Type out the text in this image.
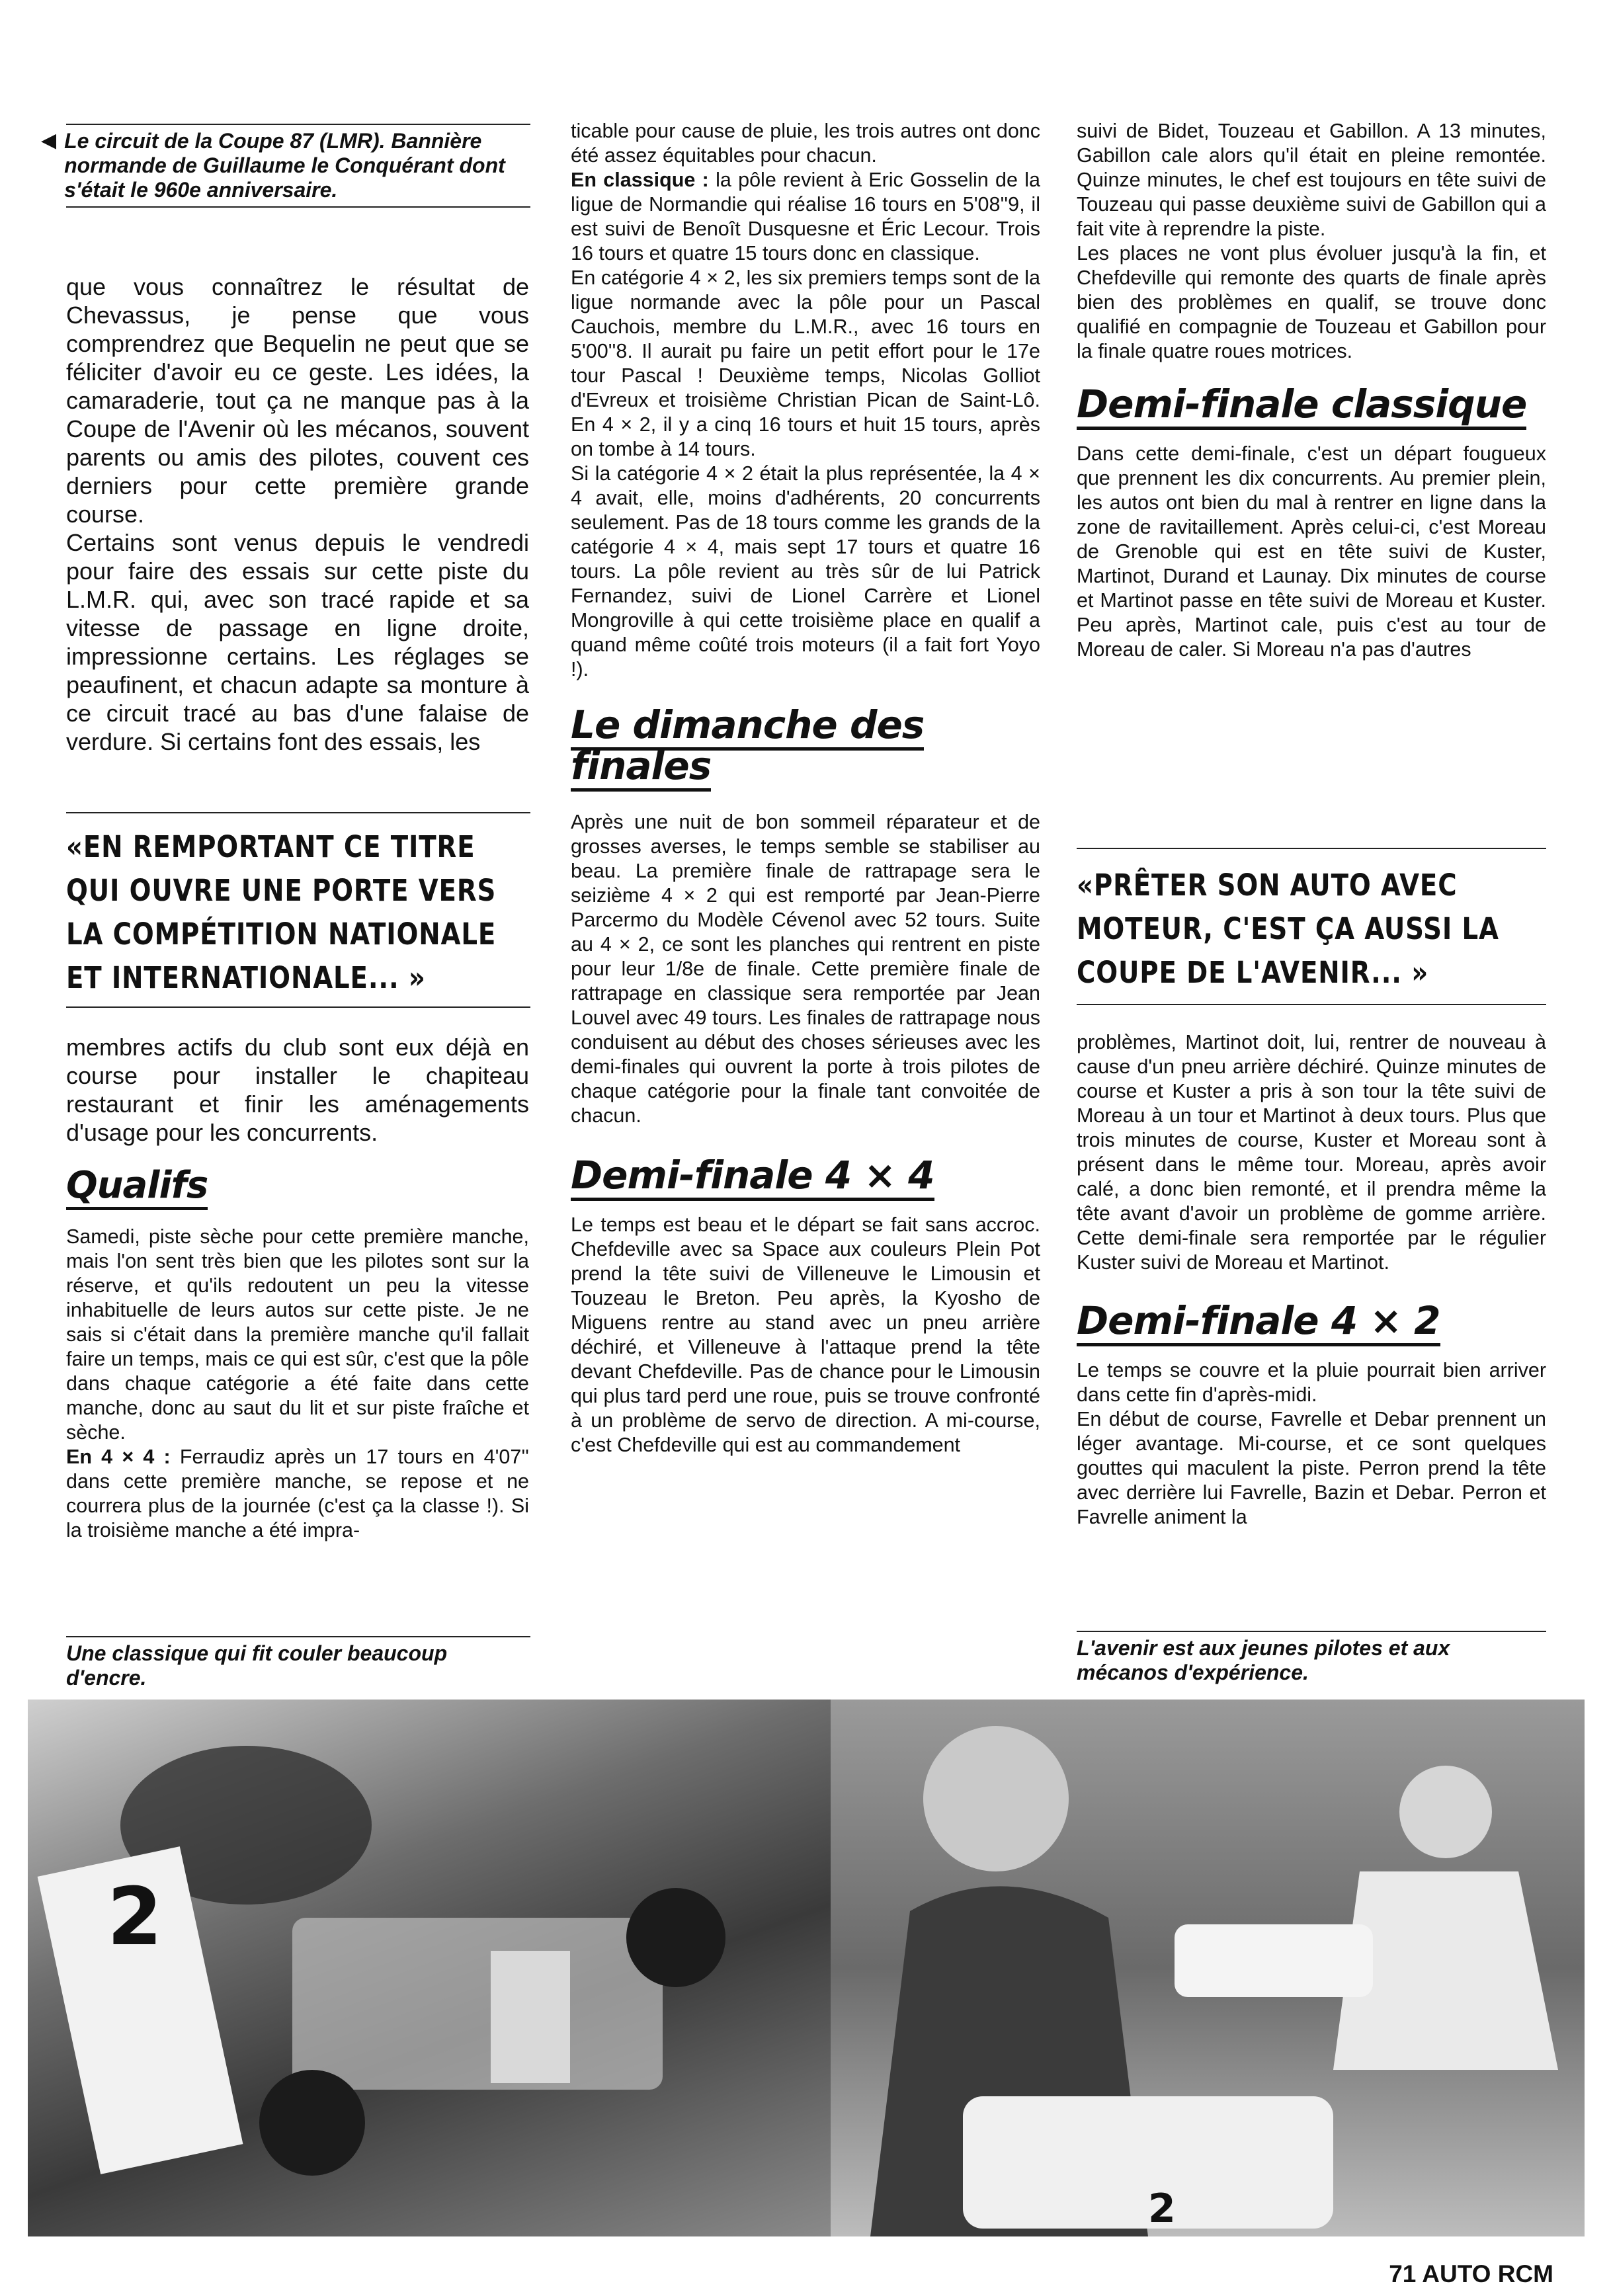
◀ Le circuit de la Coupe 87 (LMR). Bannière normande de Guillaume le Conquérant dont s'était le 960e anniversaire.

que vous connaîtrez le résultat de Chevassus, je pense que vous comprendrez que Bequelin ne peut que se féliciter d'avoir eu ce geste. Les idées, la camaraderie, tout ça ne manque pas à la Coupe de l'Avenir où les mécanos, souvent parents ou amis des pilotes, couvent ces derniers pour cette première grande course.

Certains sont venus depuis le vendredi pour faire des essais sur cette piste du L.M.R. qui, avec son tracé rapide et sa vitesse de passage en ligne droite, impressionne certains. Les réglages se peaufinent, et chacun adapte sa monture à ce circuit tracé au bas d'une falaise de verdure. Si certains font des essais, les

«EN REMPORTANT CE TITRE QUI OUVRE UNE PORTE VERS LA COMPÉTITION NATIONALE ET INTERNATIONALE... »

membres actifs du club sont eux déjà en course pour installer le chapiteau restaurant et finir les aménagements d'usage pour les concurrents.

Qualifs

Samedi, piste sèche pour cette première manche, mais l'on sent très bien que les pilotes sont sur la réserve, et qu'ils redoutent un peu la vitesse inhabituelle de leurs autos sur cette piste. Je ne sais si c'était dans la première manche qu'il fallait faire un temps, mais ce qui est sûr, c'est que la pôle dans chaque catégorie a été faite dans cette manche, donc au saut du lit et sur piste fraîche et sèche.

En 4 × 4 : Ferraudiz après un 17 tours en 4'07'' dans cette première manche, se repose et ne courrera plus de la journée (c'est ça la classe !). Si la troisième manche a été impra-

Une classique qui fit couler beaucoup d'encre.

ticable pour cause de pluie, les trois autres ont donc été assez équitables pour chacun.

En classique : la pôle revient à Eric Gosselin de la ligue de Normandie qui réalise 16 tours en 5'08''9, il est suivi de Benoît Dusquesne et Éric Lecour. Trois 16 tours et quatre 15 tours donc en classique.

En catégorie 4 × 2, les six premiers temps sont de la ligue normande avec la pôle pour un Pascal Cauchois, membre du L.M.R., avec 16 tours en 5'00''8. Il aurait pu faire un petit effort pour le 17e tour Pascal ! Deuxième temps, Nicolas Golliot d'Evreux et troisième Christian Pican de Saint-Lô. En 4 × 2, il y a cinq 16 tours et huit 15 tours, après on tombe à 14 tours.

Si la catégorie 4 × 2 était la plus représentée, la 4 × 4 avait, elle, moins d'adhérents, 20 concurrents seulement. Pas de 18 tours comme les grands de la catégorie 4 × 4, mais sept 17 tours et quatre 16 tours. La pôle revient au très sûr de lui Patrick Fernandez, suivi de Lionel Carrère et Lionel Mongroville à qui cette troisième place en qualif a quand même coûté trois moteurs (il a fait fort Yoyo !).

Le dimanche des finales

Après une nuit de bon sommeil réparateur et de grosses averses, le temps semble se stabiliser au beau. La première finale de rattrapage sera le seizième 4 × 2 qui est remporté par Jean-Pierre Parcermo du Modèle Cévenol avec 52 tours. Suite au 4 × 2, ce sont les planches qui rentrent en piste pour leur 1/8e de finale. Cette première finale de rattrapage en classique sera remportée par Jean Louvel avec 49 tours. Les finales de rattrapage nous conduisent au début des choses sérieuses avec les demi-finales qui ouvrent la porte à trois pilotes de chaque catégorie pour la finale tant convoitée de chacun.

Demi-finale 4 × 4

Le temps est beau et le départ se fait sans accroc. Chefdeville avec sa Space aux couleurs Plein Pot prend la tête suivi de Villeneuve le Limousin et Touzeau le Breton. Peu après, la Kyosho de Miguens rentre au stand avec un pneu arrière déchiré, et Villeneuve à l'attaque prend la tête devant Chefdeville. Pas de chance pour le Limousin qui plus tard perd une roue, puis se trouve confronté à un problème de servo de direction. A mi-course, c'est Chefdeville qui est au commandement

suivi de Bidet, Touzeau et Gabillon. A 13 minutes, Gabillon cale alors qu'il était en pleine remontée. Quinze minutes, le chef est toujours en tête suivi de Touzeau qui passe deuxième suivi de Gabillon qui a fait vite à reprendre la piste.

Les places ne vont plus évoluer jusqu'à la fin, et Chefdeville qui remonte des quarts de finale après bien des problèmes en qualif, se trouve donc qualifié en compagnie de Touzeau et Gabillon pour la finale quatre roues motrices.

Demi-finale classique

Dans cette demi-finale, c'est un départ fougueux que prennent les dix concurrents. Au premier plein, les autos ont bien du mal à rentrer en ligne dans la zone de ravitaillement. Après celui-ci, c'est Moreau de Grenoble qui est en tête suivi de Kuster, Martinot, Durand et Launay. Dix minutes de course et Martinot passe en tête suivi de Moreau et Kuster. Peu après, Martinot cale, puis c'est au tour de Moreau de caler. Si Moreau n'a pas d'autres

«PRÊTER SON AUTO AVEC MOTEUR, C'EST ÇA AUSSI LA COUPE DE L'AVENIR... »

problèmes, Martinot doit, lui, rentrer de nouveau à cause d'un pneu arrière déchiré. Quinze minutes de course et Kuster a pris à son tour la tête suivi de Moreau à un tour et Martinot à deux tours. Plus que trois minutes de course, Kuster et Moreau sont à présent dans le même tour. Moreau, après avoir calé, a donc bien remonté, et il prendra même la tête avant d'avoir un problème de gomme arrière. Cette demi-finale sera remportée par le régulier Kuster suivi de Moreau et Martinot.

Demi-finale 4 × 2

Le temps se couvre et la pluie pourrait bien arriver dans cette fin d'après-midi.

En début de course, Favrelle et Debar prennent un léger avantage. Mi-course, et ce sont quelques gouttes qui maculent la piste. Perron prend la tête avec derrière lui Favrelle, Bazin et Debar. Perron et Favrelle animent la

L'avenir est aux jeunes pilotes et aux mécanos d'expérience.

2
2
71 AUTO RCM
